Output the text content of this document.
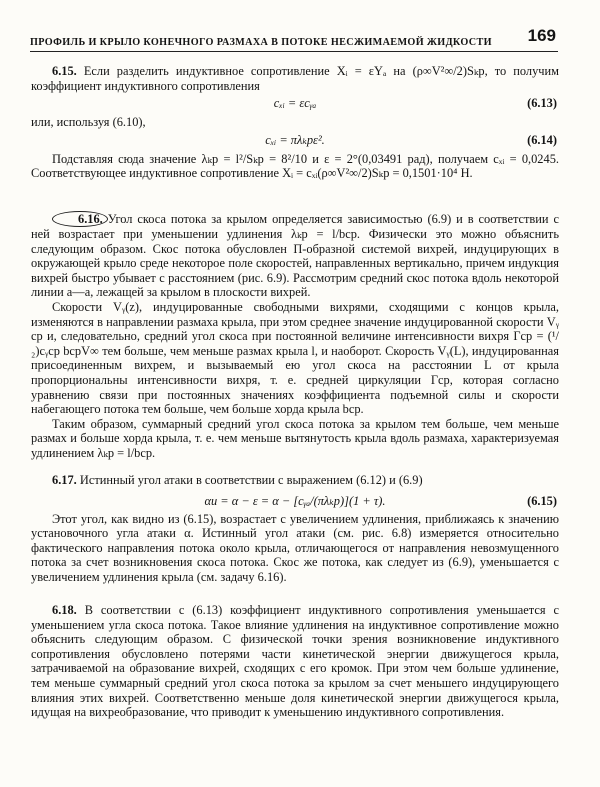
ПРОФИЛЬ И КРЫЛО КОНЕЧНОГО РАЗМАХА В ПОТОКЕ НЕСЖИМАЕМОЙ ЖИДКОСТИ 169

6.15. Если разделить индуктивное сопротивление Xᵢ = εYₐ на (ρ∞V²∞/2)Sₖр, то получим коэффициент индуктивного сопротивления

cₓᵢ = εcᵧₐ	(6.13)

или, используя (6.10),

cₓᵢ = πλₖрε².	(6.14)

Подставляя сюда значение λₖр = l²/Sₖр = 8²/10 и ε = 2°(0,03491 рад), получаем cₓᵢ = 0,0245. Соответствующее индуктивное сопротивление Xᵢ = cₓᵢ(ρ∞V²∞/2)Sₖр = 0,1501·10⁴ Н.

6.16. Угол скоса потока за крылом определяется зависимостью (6.9) и в соответствии с ней возрастает при уменьшении удлинения λₖр = l/bср. Физически это можно объяснить следующим образом. Скос потока обусловлен П-образной системой вихрей, индуцирующих в окружающей крыло среде некоторое поле скоростей, направленных вертикально, причем индукция вихрей быстро убывает с расстоянием (рис. 6.9). Рассмотрим средний скос потока вдоль некоторой линии a—a, лежащей за крылом в плоскости вихрей.

Скорости Vᵧ(z), индуцированные свободными вихрями, сходящими с концов крыла, изменяются в направлении размаха крыла, при этом среднее значение индуцированной скорости Vᵧ ср и, следовательно, средний угол скоса при постоянной величине интенсивности вихря Γср = (¹/₂)cᵧср bсрV∞ тем больше, чем меньше размах крыла l, и наоборот. Скорость Vᵧ(L), индуцированная присоединенным вихрем, и вызываемый ею угол скоса на расстоянии L от крыла пропорциональны интенсивности вихря, т. е. средней циркуляции Γср, которая согласно уравнению связи при постоянных значениях коэффициента подъемной силы и скорости набегающего потока тем больше, чем больше хорда крыла bср.

Таким образом, суммарный средний угол скоса потока за крылом тем больше, чем меньше размах и больше хорда крыла, т. е. чем меньше вытянутость крыла вдоль размаха, характеризуемая удлинением λₖр = l/bср.

6.17. Истинный угол атаки в соответствии с выражением (6.12) и (6.9)

αи = α − ε = α − [cᵧₐ/(πλₖр)](1 + τ).	(6.15)

Этот угол, как видно из (6.15), возрастает с увеличением удлинения, приближаясь к значению установочного угла атаки α. Истинный угол атаки (см. рис. 6.8) измеряется относительно фактического направления потока около крыла, отличающегося от направления невозмущенного потока за счет возникновения скоса потока. Скос же потока, как следует из (6.9), уменьшается с увеличением удлинения крыла (см. задачу 6.16).

6.18. В соответствии с (6.13) коэффициент индуктивного сопротивления уменьшается с уменьшением угла скоса потока. Такое влияние удлинения на индуктивное сопротивление можно объяснить следующим образом. С физической точки зрения возникновение индуктивного сопротивления обусловлено потерями части кинетической энергии движущегося крыла, затрачиваемой на образование вихрей, сходящих с его кромок. При этом чем больше удлинение, тем меньше суммарный средний угол скоса потока за крылом за счет меньшего индуцирующего влияния этих вихрей. Соответственно меньше доля кинетической энергии движущегося крыла, идущая на вихреобразование, что приводит к уменьшению индуктивного сопротивления.
